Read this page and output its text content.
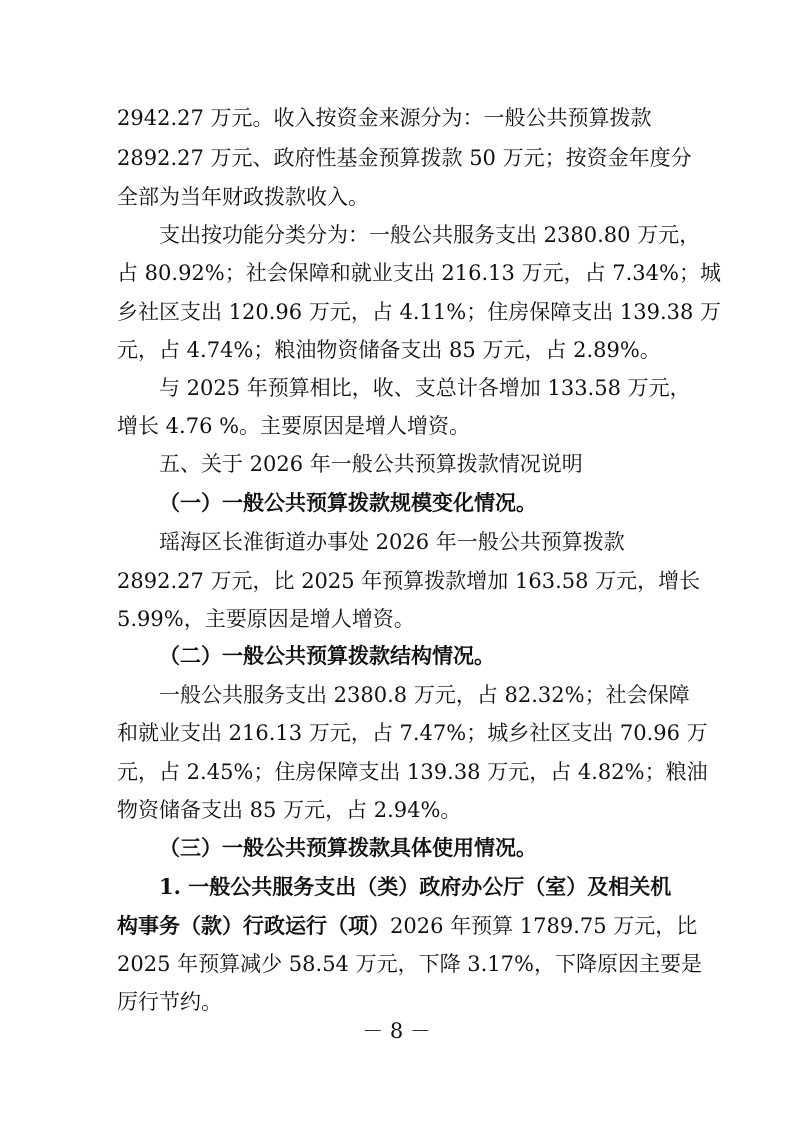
2942.27 万元。收入按资金来源分为：一般公共预算拨款
2892.27 万元、政府性基金预算拨款 50 万元；按资金年度分
全部为当年财政拨款收入。
支出按功能分类分为：一般公共服务支出 2380.80 万元，
占 80.92%；社会保障和就业支出 216.13 万元，占 7.34%；城
乡社区支出 120.96 万元，占 4.11%；住房保障支出 139.38 万
元，占 4.74%；粮油物资储备支出 85 万元，占 2.89%。
与 2025 年预算相比，收、支总计各增加 133.58 万元，
增长 4.76 %。主要原因是增人增资。
五、关于 2026 年一般公共预算拨款情况说明
（一）一般公共预算拨款规模变化情况。
瑶海区长淮街道办事处 2026 年一般公共预算拨款
2892.27 万元，比 2025 年预算拨款增加 163.58 万元，增长
5.99%，主要原因是增人增资。
（二）一般公共预算拨款结构情况。
一般公共服务支出 2380.8 万元，占 82.32%；社会保障
和就业支出 216.13 万元，占 7.47%；城乡社区支出 70.96 万
元，占 2.45%；住房保障支出 139.38 万元，占 4.82%；粮油
物资储备支出 85 万元，占 2.94%。
（三）一般公共预算拨款具体使用情况。
1. 一般公共服务支出（类）政府办公厅（室）及相关机
构事务（款）行政运行（项）2026 年预算 1789.75 万元，比
2025 年预算减少 58.54 万元，下降 3.17%，下降原因主要是
厉行节约。
－ 8 －
